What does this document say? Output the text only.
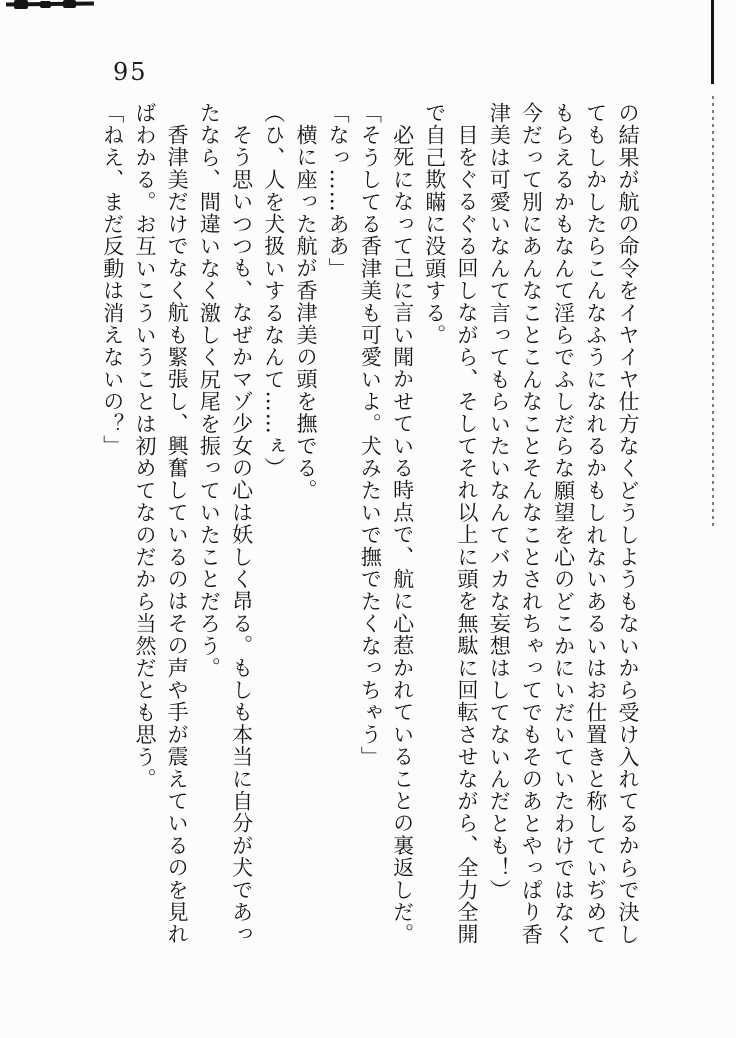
95

の結果が航の命令をイヤイヤ仕方なくどうしようもないから受け入れてるからで決し

てもしかしたらこんなふうになれるかもしれないあるいはお仕置きと称していぢめて

もらえるかもなんて淫らでふしだらな願望を心のどこかにいだいていたわけではなく

今だって別にあんなことこんなことそんなことされちゃってでもそのあとやっぱり香

津美は可愛いなんて言ってもらいたいなんてバカな妄想はしてないんだとも！）

目をぐるぐる回しながら、そしてそれ以上に頭を無駄に回転させながら、全力全開

で自己欺瞞に没頭する。

必死になって己に言い聞かせている時点で、航に心惹かれていることの裏返しだ。

「そうしてる香津美も可愛いよ。犬みたいで撫でたくなっちゃう」

「なっ……ああ」

横に座った航が香津美の頭を撫でる。

（ひ、人を犬扱いするなんて……ぇ）

そう思いつつも、なぜかマゾ少女の心は妖しく昂る。もしも本当に自分が犬であっ

たなら、間違いなく激しく尻尾を振っていたことだろう。

香津美だけでなく航も緊張し、興奮しているのはその声や手が震えているのを見れ

ばわかる。お互いこういうことは初めてなのだから当然だとも思う。

「ねえ、まだ反動は消えないの？」
